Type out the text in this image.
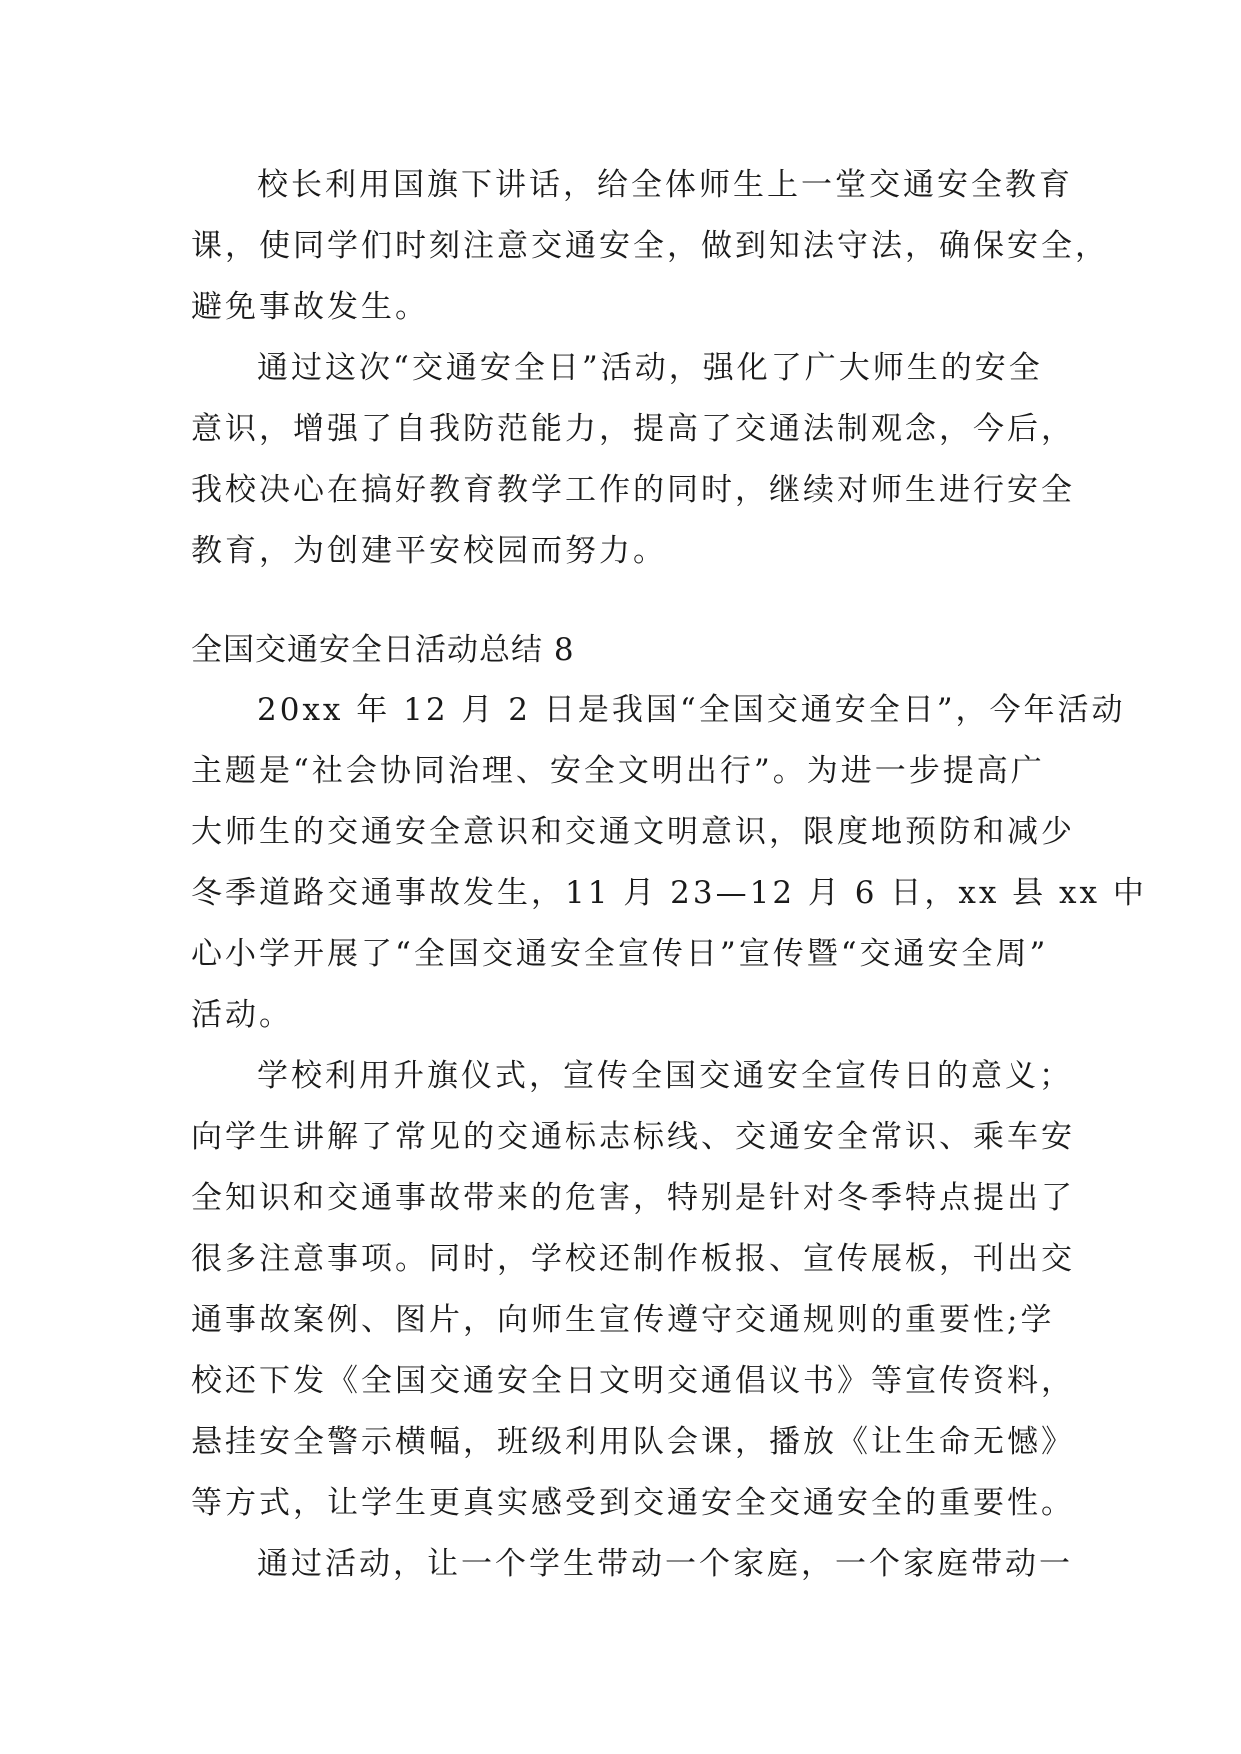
校长利用国旗下讲话，给全体师生上一堂交通安全教育
课，使同学们时刻注意交通安全，做到知法守法，确保安全，
避免事故发生。
通过这次“交通安全日”活动，强化了广大师生的安全
意识，增强了自我防范能力，提高了交通法制观念，今后，
我校决心在搞好教育教学工作的同时，继续对师生进行安全
教育，为创建平安校园而努力。
全国交通安全日活动总结 8
20xx 年 12 月 2 日是我国“全国交通安全日”，今年活动
主题是“社会协同治理、安全文明出行”。为进一步提高广
大师生的交通安全意识和交通文明意识，限度地预防和减少
冬季道路交通事故发生，11 月 23—12 月 6 日，xx 县 xx 中
心小学开展了“全国交通安全宣传日”宣传暨“交通安全周”
活动。
学校利用升旗仪式，宣传全国交通安全宣传日的意义；
向学生讲解了常见的交通标志标线、交通安全常识、乘车安
全知识和交通事故带来的危害，特别是针对冬季特点提出了
很多注意事项。同时，学校还制作板报、宣传展板，刊出交
通事故案例、图片，向师生宣传遵守交通规则的重要性;学
校还下发《全国交通安全日文明交通倡议书》等宣传资料，
悬挂安全警示横幅，班级利用队会课，播放《让生命无憾》
等方式，让学生更真实感受到交通安全交通安全的重要性。
通过活动，让一个学生带动一个家庭，一个家庭带动一
